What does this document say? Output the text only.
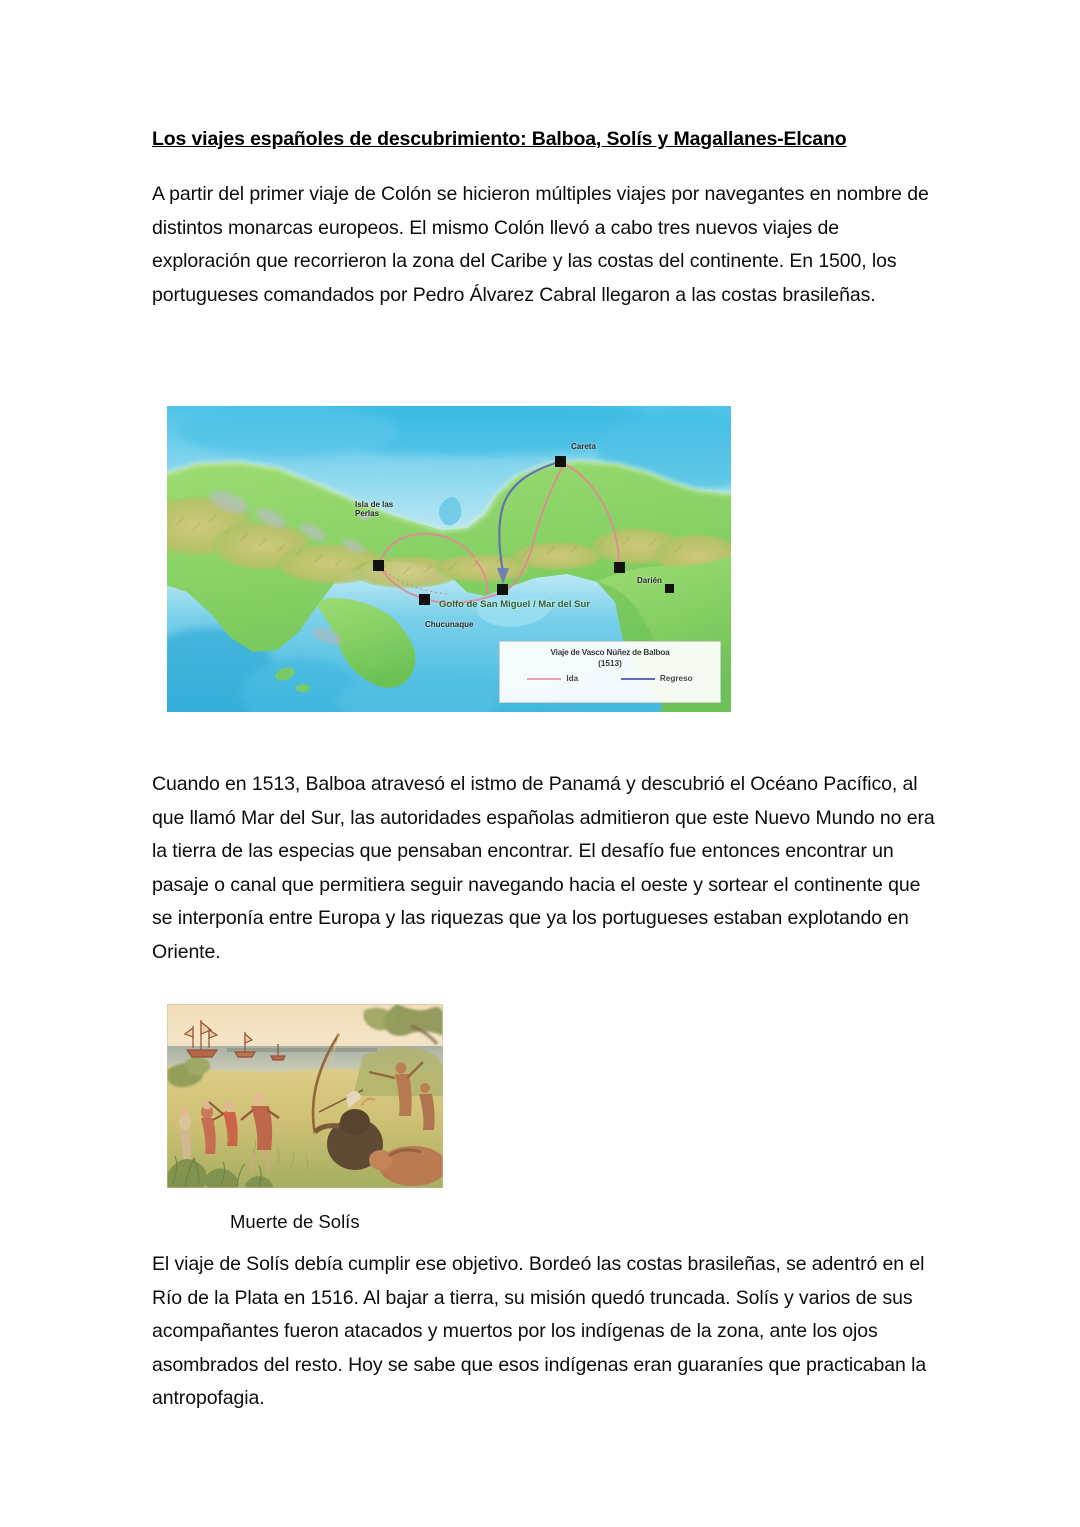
Los viajes españoles de descubrimiento: Balboa, Solís y Magallanes-Elcano

A partir del primer viaje de Colón se hicieron múltiples viajes por navegantes en nombre de distintos monarcas europeos. El mismo Colón llevó a cabo tres nuevos viajes de exploración que recorrieron la zona del Caribe y las costas del continente. En 1500, los portugueses comandados por Pedro Álvarez Cabral llegaron a las costas brasileñas.

Careta
Isla de las Perlas
Darién
Golfo de San Miguel / Mar del Sur
Chucunaque
Viaje de Vasco Núñez de Balboa
(1513)
Ida	Regreso

Cuando en 1513, Balboa atravesó el istmo de Panamá y descubrió el Océano Pacífico, al que llamó Mar del Sur, las autoridades españolas admitieron que este Nuevo Mundo no era la tierra de las especias que pensaban encontrar. El desafío fue entonces encontrar un pasaje o canal que permitiera seguir navegando hacia el oeste y sortear el continente que se interponía entre Europa y las riquezas que ya los portugueses estaban explotando en Oriente.

Muerte de Solís

El viaje de Solís debía cumplir ese objetivo. Bordeó las costas brasileñas, se adentró en el Río de la Plata en 1516. Al bajar a tierra, su misión quedó truncada. Solís y varios de sus acompañantes fueron atacados y muertos por los indígenas de la zona, ante los ojos asombrados del resto. Hoy se sabe que esos indígenas eran guaraníes que practicaban la antropofagia.
